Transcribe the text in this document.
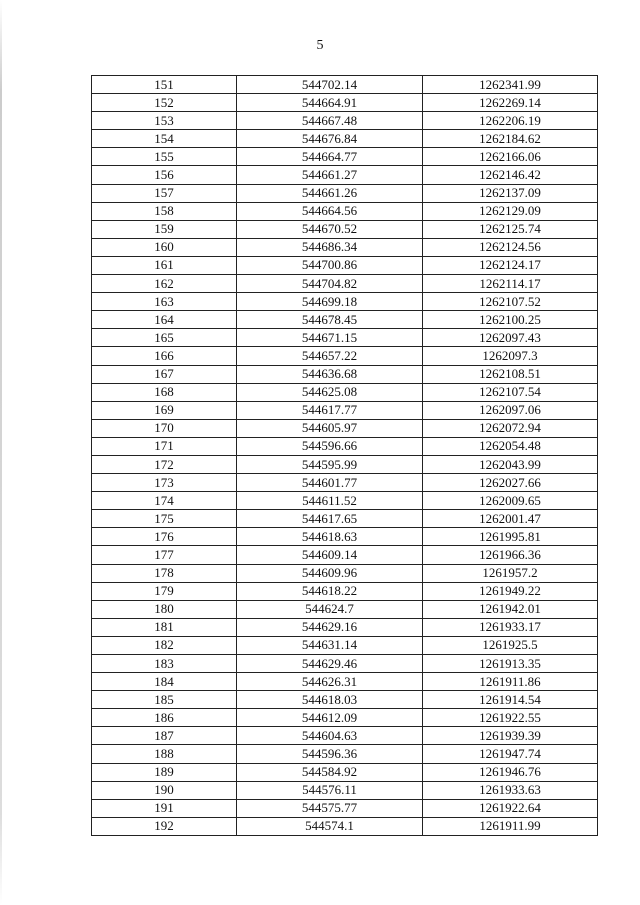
5
151	544702.14	1262341.99
152	544664.91	1262269.14
153	544667.48	1262206.19
154	544676.84	1262184.62
155	544664.77	1262166.06
156	544661.27	1262146.42
157	544661.26	1262137.09
158	544664.56	1262129.09
159	544670.52	1262125.74
160	544686.34	1262124.56
161	544700.86	1262124.17
162	544704.82	1262114.17
163	544699.18	1262107.52
164	544678.45	1262100.25
165	544671.15	1262097.43
166	544657.22	1262097.3
167	544636.68	1262108.51
168	544625.08	1262107.54
169	544617.77	1262097.06
170	544605.97	1262072.94
171	544596.66	1262054.48
172	544595.99	1262043.99
173	544601.77	1262027.66
174	544611.52	1262009.65
175	544617.65	1262001.47
176	544618.63	1261995.81
177	544609.14	1261966.36
178	544609.96	1261957.2
179	544618.22	1261949.22
180	544624.7	1261942.01
181	544629.16	1261933.17
182	544631.14	1261925.5
183	544629.46	1261913.35
184	544626.31	1261911.86
185	544618.03	1261914.54
186	544612.09	1261922.55
187	544604.63	1261939.39
188	544596.36	1261947.74
189	544584.92	1261946.76
190	544576.11	1261933.63
191	544575.77	1261922.64
192	544574.1	1261911.99
